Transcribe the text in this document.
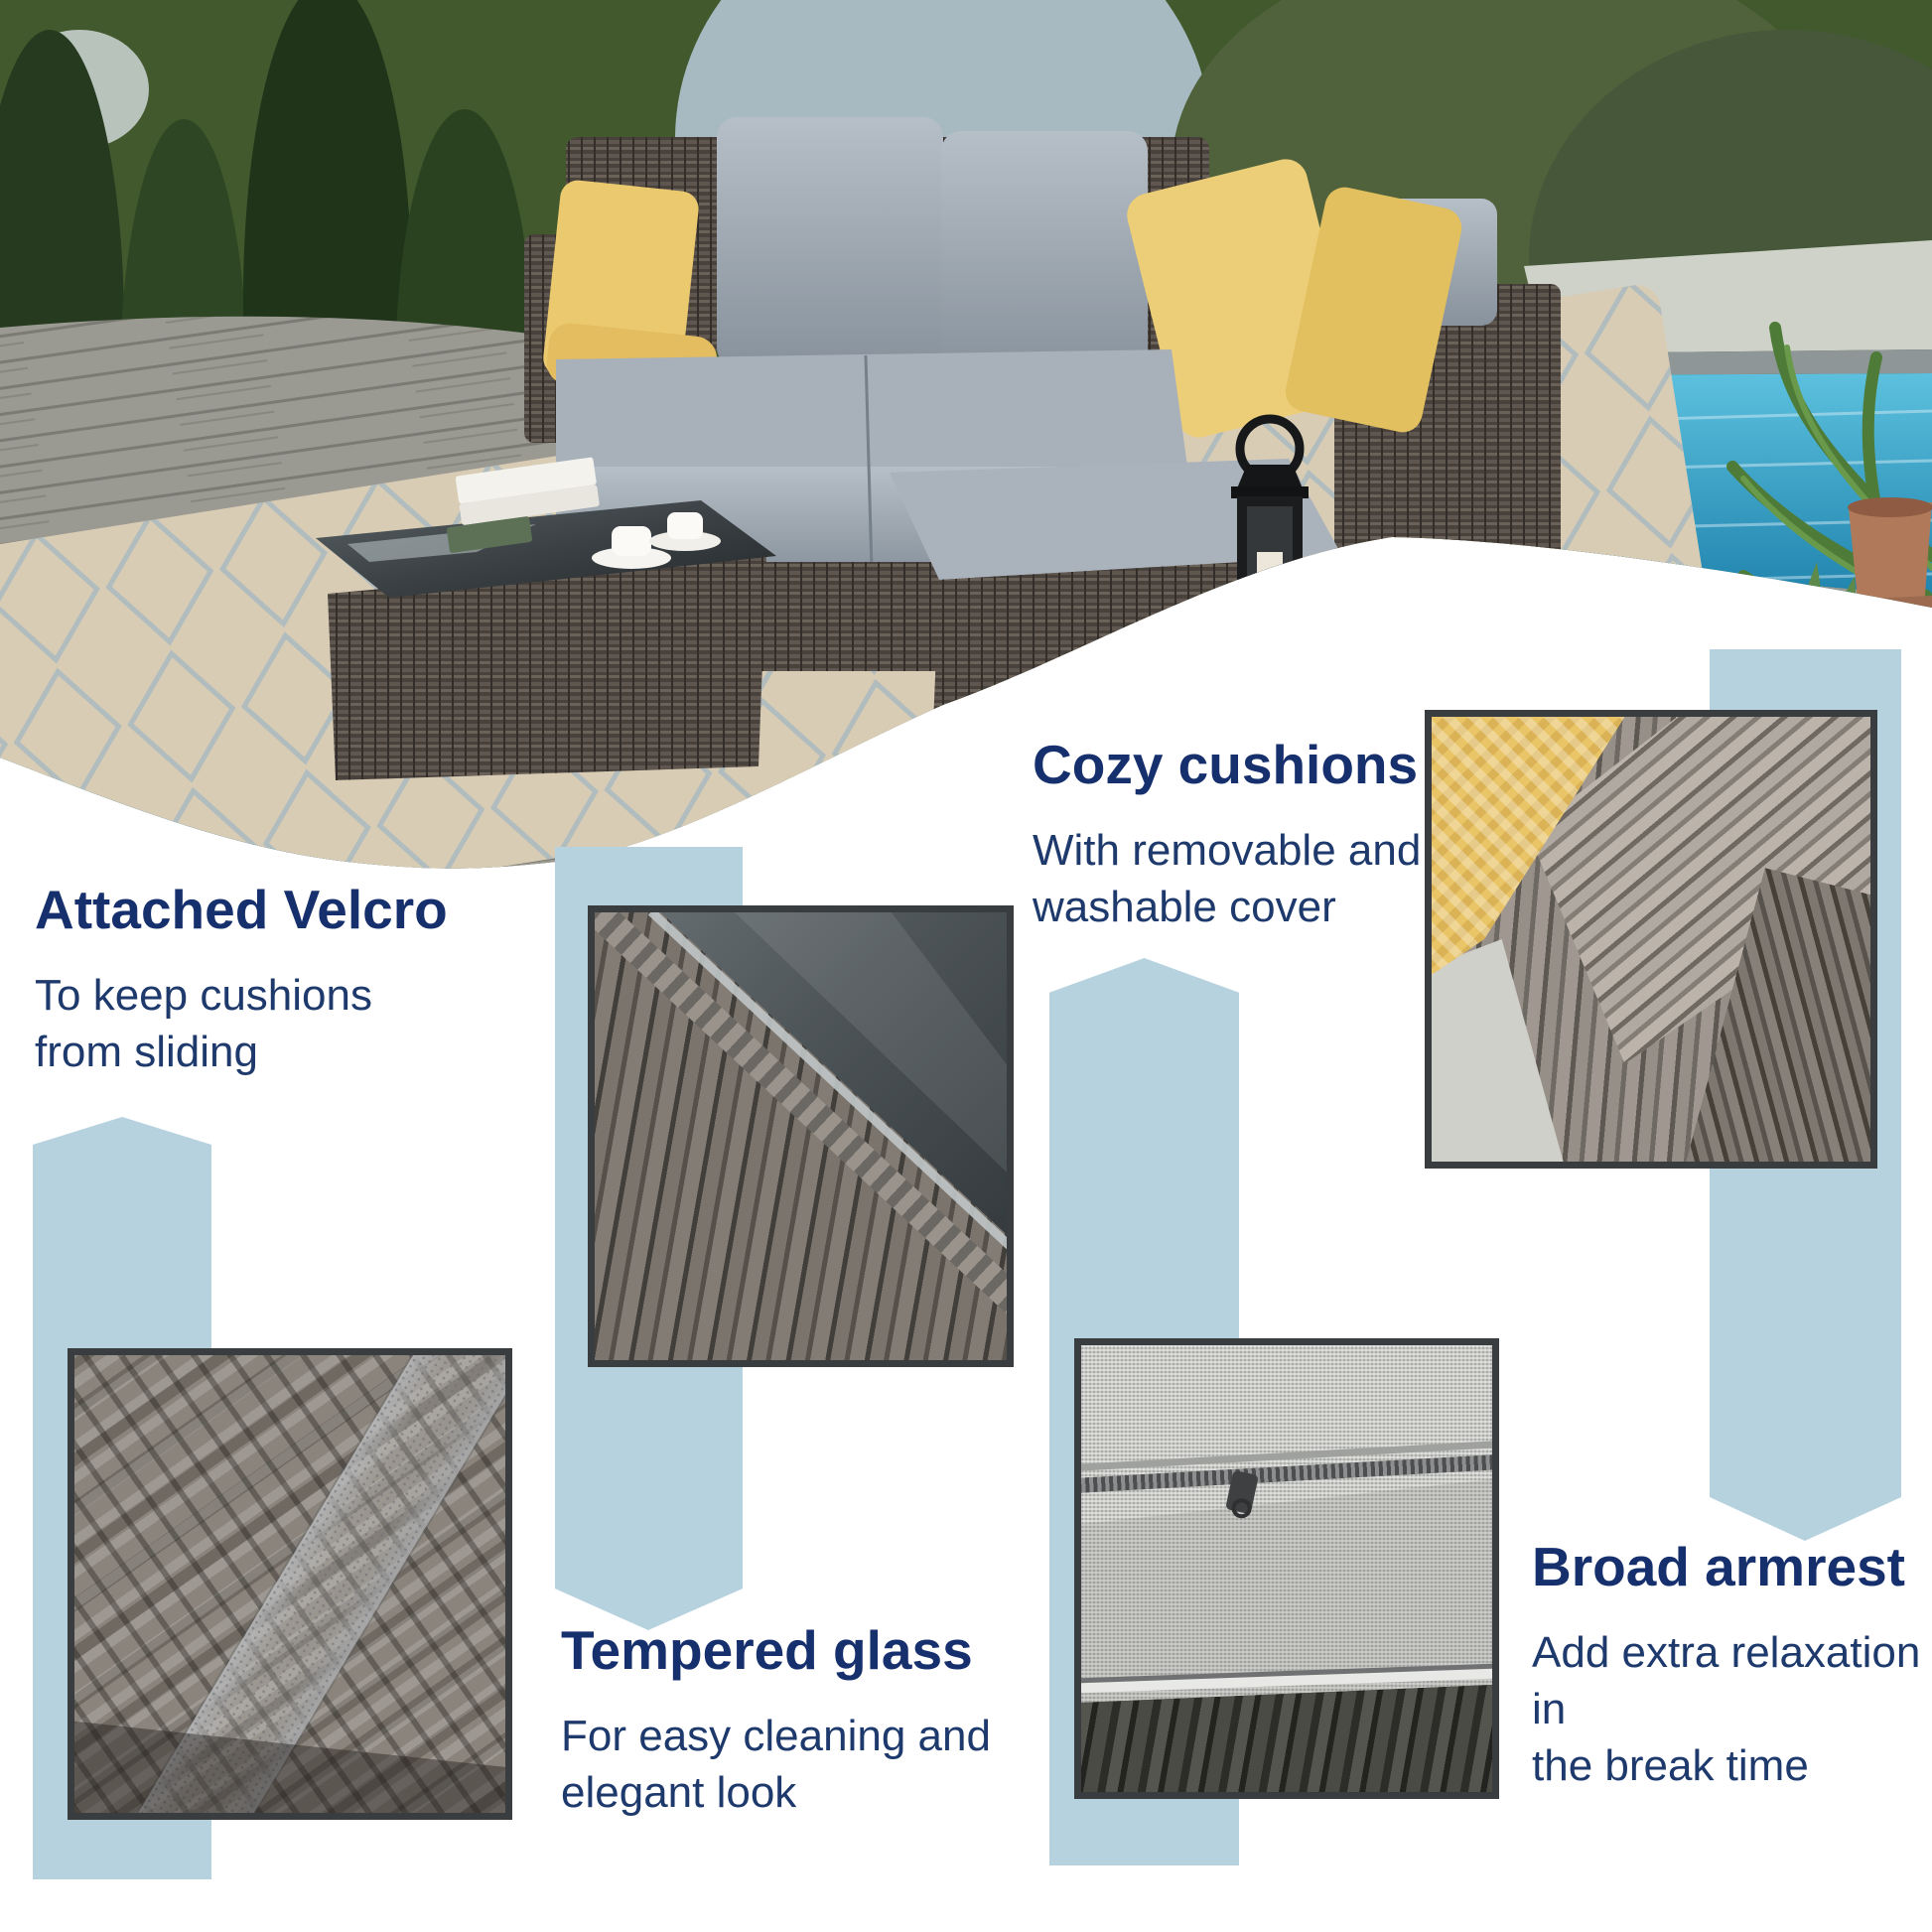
Cozy cushions

With removable and

washable cover

Attached Velcro

To keep cushions

from sliding

Tempered glass

For easy cleaning and

elegant look

Broad armrest

Add extra relaxation in

the break time
